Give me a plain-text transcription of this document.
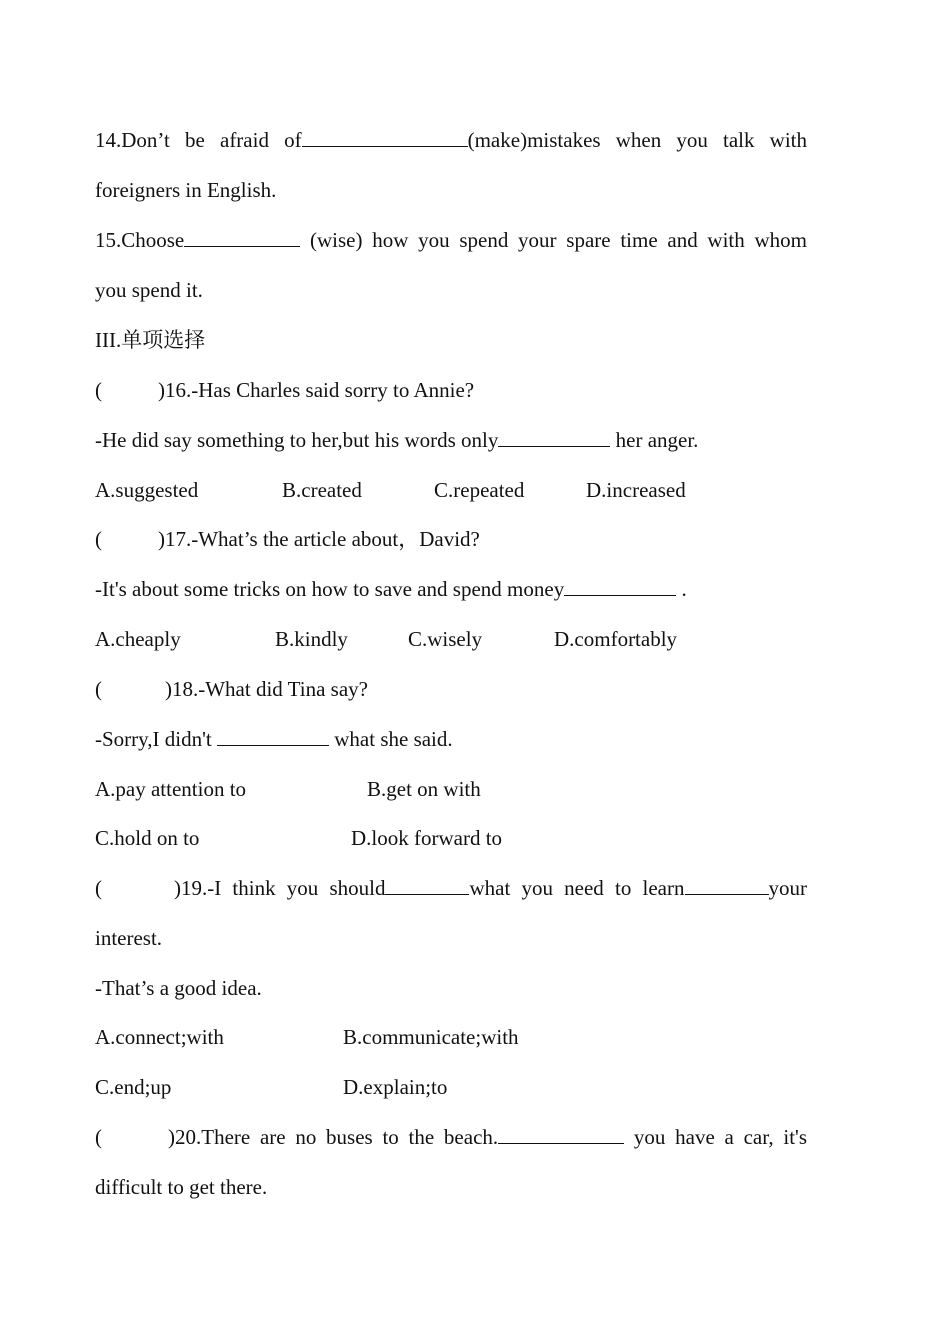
14.Don’t be afraid of	(make)mistakes when you talk with
foreigners in English.
15.Choose	(wise) how you spend your spare time and with whom
you spend it.
III.单项选择
(	)16.-Has Charles said sorry to Annie?
-He did say something to her,but his words only	her anger.
A.suggested	B.created	C.repeated	D.increased
(	)17.-What’s the article about，David?
-It's about some tricks on how to save and spend money	.
A.cheaply	B.kindly	C.wisely	D.comfortably
(	)18.-What did Tina say?
-Sorry,I didn't	what she said.
A.pay attention to	B.get on with
C.hold on to	D.look forward to
(	)19.-I think you should	what you need to learn	your
interest.
-That’s a good idea.
A.connect;with	B.communicate;with
C.end;up	D.explain;to
(	)20.There are no buses to the beach.	you have a car, it's
difficult to get there.
